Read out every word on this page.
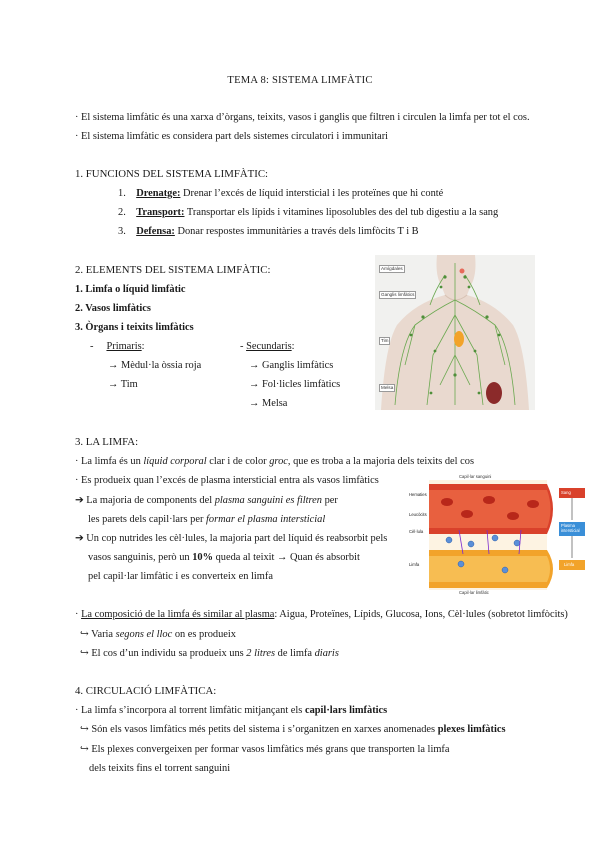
TEMA 8: SISTEMA LIMFÀTIC
· El sistema limfàtic és una xarxa d’òrgans, teixits, vasos i ganglis que filtren i circulen la limfa per tot el cos.
· El sistema limfàtic es considera part dels sistemes circulatori i immunitari
1. FUNCIONS DEL SISTEMA LIMFÀTIC:
1. Drenatge: Drenar l’excés de líquid intersticial i les proteïnes que hi conté
2. Transport: Transportar els lípids i vitamines liposolubles des del tub digestiu a la sang
3. Defensa: Donar respostes immunitàries a través dels limfòcits T i B
2. ELEMENTS DEL SISTEMA LIMFÀTIC:
1. Limfa o líquid limfàtic
2. Vasos limfàtics
3. Òrgans i teixits limfàtics
-     Primaris:	- Secundaris:
→ Mèdul·la òssia roja
→ Tim
→ Ganglis limfàtics
→ Fol·licles limfàtics
→ Melsa
Amígdales
Ganglis limfàtics
Tim
Melsa
3. LA LIMFA:
· La limfa és un líquid corporal clar i de color groc, que es troba a la majoria dels teixits del cos
· Es produeix quan l’excés de plasma intersticial entra als vasos limfàtics
➔ La majoria de components del plasma sanguini es filtren per
les parets dels capil·lars per formar el plasma intersticial
➔ Un cop nutrides les cèl·lules, la majoria part del líquid és reabsorbit pels
vasos sanguinis, però un 10% queda al teixit → Quan és absorbit
pel capil·lar limfàtic i es converteix en limfa
Capil·lar sanguini
Capil·lar limfàtic
Hematies
Leucòcits
Cèl·lula
Limfa
Sang
Plasma intersticial
Limfa
· La composició de la limfa és similar al plasma: Aigua, Proteïnes, Lípids, Glucosa, Ions, Cèl·lules (sobretot limfòcits)
↪ Varia segons el lloc on es produeix
↪ El cos d’un individu sa produeix uns 2 litres de limfa diaris
4. CIRCULACIÓ LIMFÀTICA:
· La limfa s’incorpora al torrent limfàtic mitjançant els capil·lars limfàtics
↪ Són els vasos limfàtics més petits del sistema i s’organitzen en xarxes anomenades plexes limfàtics
↪ Els plexes convergeixen per formar vasos limfàtics més grans que transporten la limfa
dels teixits fins el torrent sanguini
